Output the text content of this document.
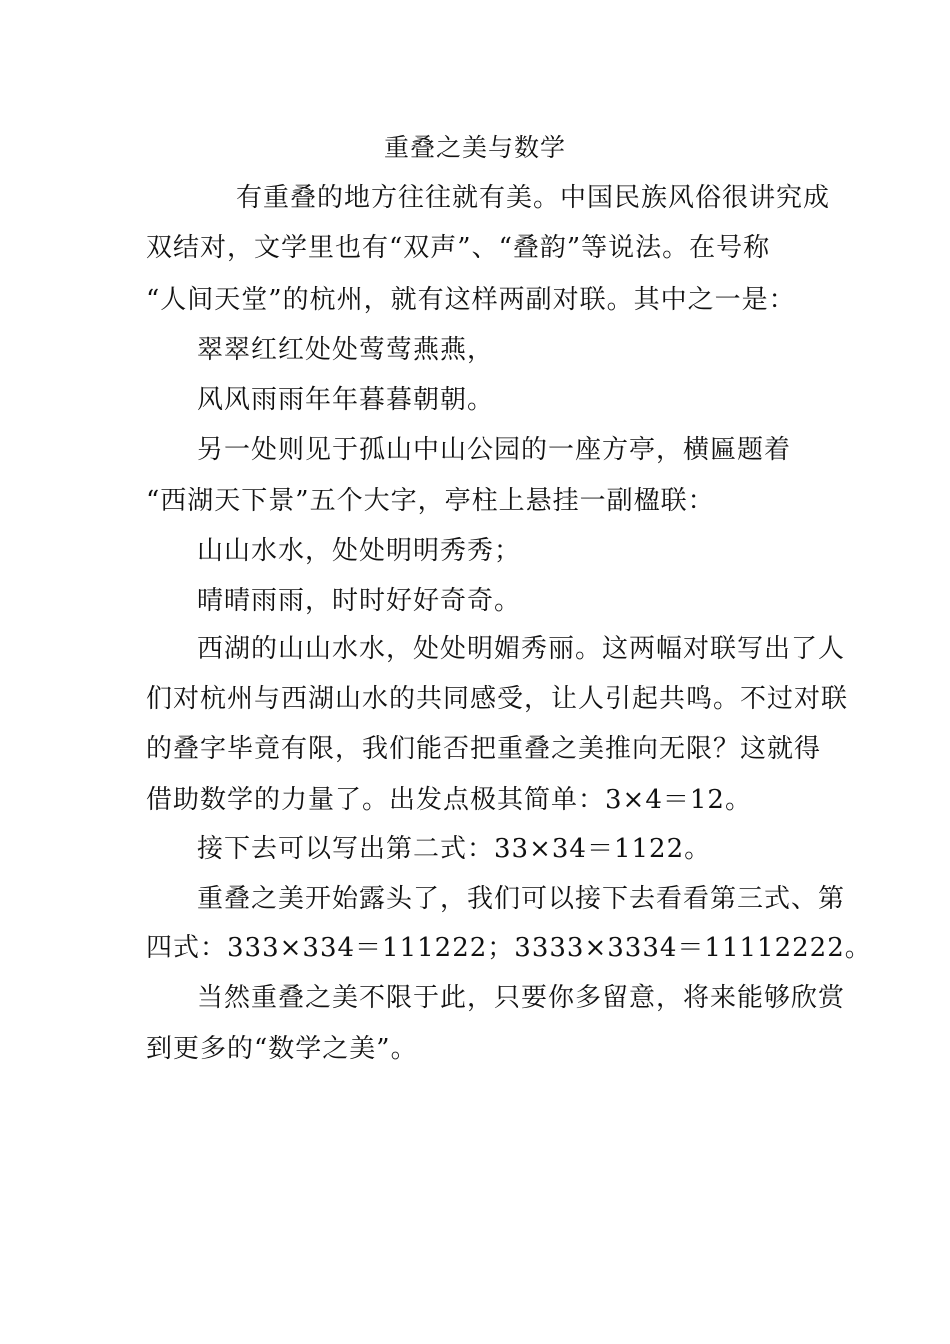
重叠之美与数学
有重叠的地方往往就有美。中国民族风俗很讲究成
双结对，文学里也有“双声”、“叠韵”等说法。在号称
“人间天堂”的杭州，就有这样两副对联。其中之一是：
翠翠红红处处莺莺燕燕，
风风雨雨年年暮暮朝朝。
另一处则见于孤山中山公园的一座方亭，横匾题着
“西湖天下景”五个大字，亭柱上悬挂一副楹联：
山山水水，处处明明秀秀；
晴晴雨雨，时时好好奇奇。
西湖的山山水水，处处明媚秀丽。这两幅对联写出了人
们对杭州与西湖山水的共同感受，让人引起共鸣。不过对联
的叠字毕竟有限，我们能否把重叠之美推向无限？这就得
借助数学的力量了。出发点极其简单：3×4＝12。
接下去可以写出第二式：33×34＝1122。
重叠之美开始露头了，我们可以接下去看看第三式、第
四式：333×334＝111222；3333×3334＝11112222。
当然重叠之美不限于此，只要你多留意，将来能够欣赏
到更多的“数学之美”。
